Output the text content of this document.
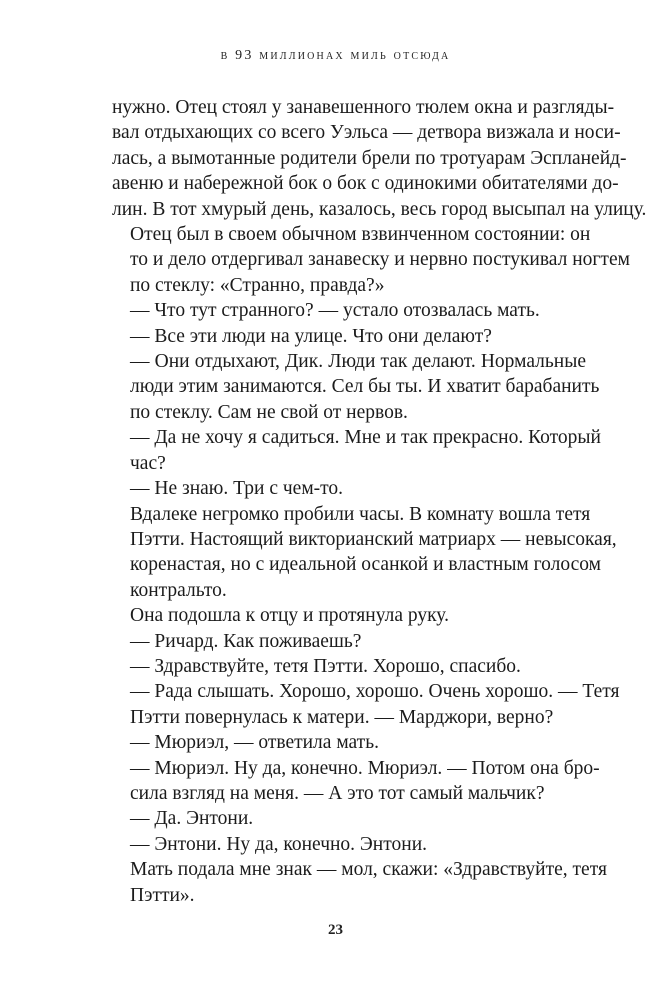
в 93 миллионах миль отсюда

нужно. Отец стоял у занавешенного тюлем окна и разгляды-
вал отдыхающих со всего Уэльса — детвора визжала и носи-
лась, а вымотанные родители брели по тротуарам Эспланейд-
авеню и набережной бок о бок с одинокими обитателями до-
лин. В тот хмурый день, казалось, весь город высыпал на улицу.

Отец был в своем обычном взвинченном состоянии: он
то и дело отдергивал занавеску и нервно постукивал ногтем
по стеклу: «Странно, правда?»

— Что тут странного? — устало отозвалась мать.

— Все эти люди на улице. Что они делают?

— Они отдыхают, Дик. Люди так делают. Нормальные
люди этим занимаются. Сел бы ты. И хватит барабанить
по стеклу. Сам не свой от нервов.

— Да не хочу я садиться. Мне и так прекрасно. Который
час?

— Не знаю. Три с чем-то.

Вдалеке негромко пробили часы. В комнату вошла тетя
Пэтти. Настоящий викторианский матриарх — невысокая,
коренастая, но с идеальной осанкой и властным голосом
контральто.

Она подошла к отцу и протянула руку.

— Ричард. Как поживаешь?

— Здравствуйте, тетя Пэтти. Хорошо, спасибо.

— Рада слышать. Хорошо, хорошо. Очень хорошо. — Тетя
Пэтти повернулась к матери. — Марджори, верно?

— Мюриэл, — ответила мать.

— Мюриэл. Ну да, конечно. Мюриэл. — Потом она бро-
сила взгляд на меня. — А это тот самый мальчик?

— Да. Энтони.

— Энтони. Ну да, конечно. Энтони.

Мать подала мне знак — мол, скажи: «Здравствуйте, тетя
Пэтти».

23
